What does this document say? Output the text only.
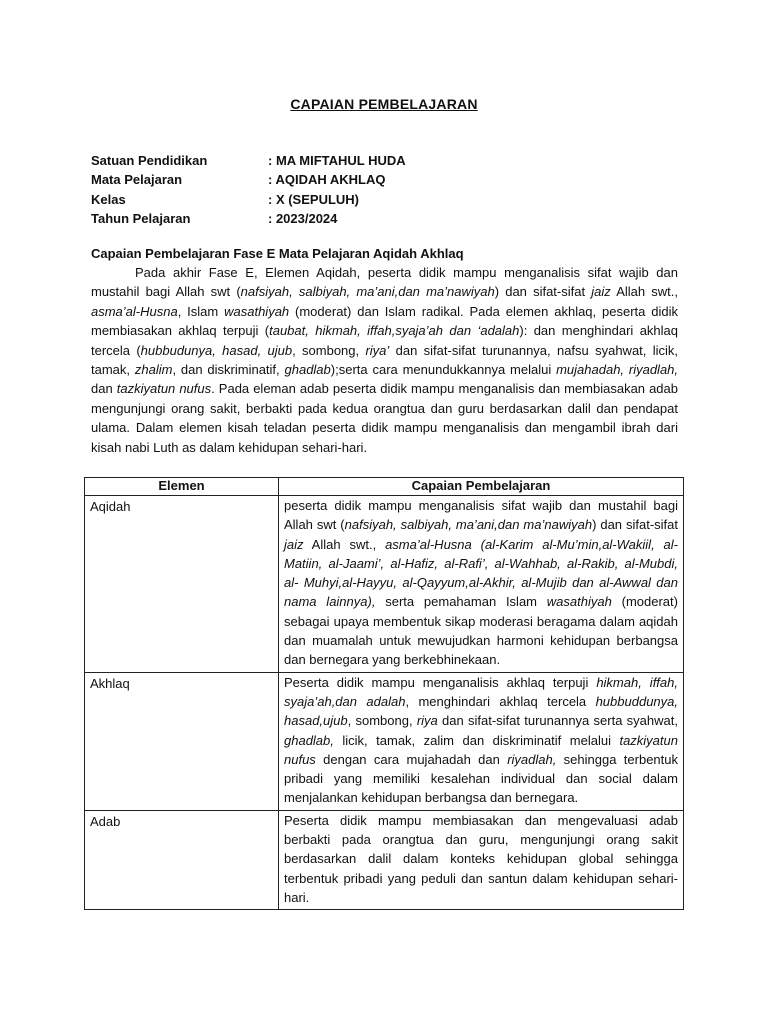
CAPAIAN PEMBELAJARAN
Satuan Pendidikan	: MA MIFTAHUL HUDA
Mata Pelajaran	: AQIDAH AKHLAQ
Kelas	: X (SEPULUH)
Tahun Pelajaran	: 2023/2024
Capaian Pembelajaran Fase E Mata Pelajaran Aqidah Akhlaq

Pada akhir Fase E, Elemen Aqidah, peserta didik mampu menganalisis sifat wajib dan mustahil bagi Allah swt (nafsiyah, salbiyah, ma’ani,dan ma’nawiyah) dan sifat-sifat jaiz Allah swt., asma’al-Husna, Islam wasathiyah (moderat) dan Islam radikal. Pada elemen akhlaq, peserta didik membiasakan akhlaq terpuji (taubat, hikmah, iffah,syaja’ah dan ‘adalah): dan menghindari akhlaq tercela (hubbudunya, hasad, ujub, sombong, riya’ dan sifat-sifat turunannya, nafsu syahwat, licik, tamak, zhalim, dan diskriminatif, ghadlab);serta cara menundukkannya melalui mujahadah, riyadlah, dan tazkiyatun nufus. Pada eleman adab peserta didik mampu menganalisis dan membiasakan adab mengunjungi orang sakit, berbakti pada kedua orangtua dan guru berdasarkan dalil dan pendapat ulama. Dalam elemen kisah teladan peserta didik mampu menganalisis dan mengambil ibrah dari kisah nabi Luth as dalam kehidupan sehari-hari.

Elemen	Capaian Pembelajaran
Aqidah	peserta didik mampu menganalisis sifat wajib dan mustahil bagi Allah swt (nafsiyah, salbiyah, ma’ani,dan ma’nawiyah) dan sifat-sifat jaiz Allah swt., asma’al-Husna (al-Karim al-Mu’min,al-Wakiil, al-Matiin, al-Jaami’, al-Hafiz, al-Rafi’, al-Wahhab, al-Rakib, al-Mubdi, al- Muhyi,al-Hayyu, al-Qayyum,al-Akhir, al-Mujib dan al-Awwal dan nama lainnya), serta pemahaman Islam wasathiyah (moderat) sebagai upaya membentuk sikap moderasi beragama dalam aqidah dan muamalah untuk mewujudkan harmoni kehidupan berbangsa dan bernegara yang berkebhinekaan.
Akhlaq	Peserta didik mampu menganalisis akhlaq terpuji hikmah, iffah, syaja’ah,dan adalah, menghindari akhlaq tercela hubbuddunya, hasad,ujub, sombong, riya dan sifat-sifat turunannya serta syahwat, ghadlab, licik, tamak, zalim dan diskriminatif melalui tazkiyatun nufus dengan cara mujahadah dan riyadlah, sehingga terbentuk pribadi yang memiliki kesalehan individual dan social dalam menjalankan kehidupan berbangsa dan bernegara.
Adab	Peserta didik mampu membiasakan dan mengevaluasi adab berbakti pada orangtua dan guru, mengunjungi orang sakit berdasarkan dalil dalam konteks kehidupan global sehingga terbentuk pribadi yang peduli dan santun dalam kehidupan sehari-hari.
